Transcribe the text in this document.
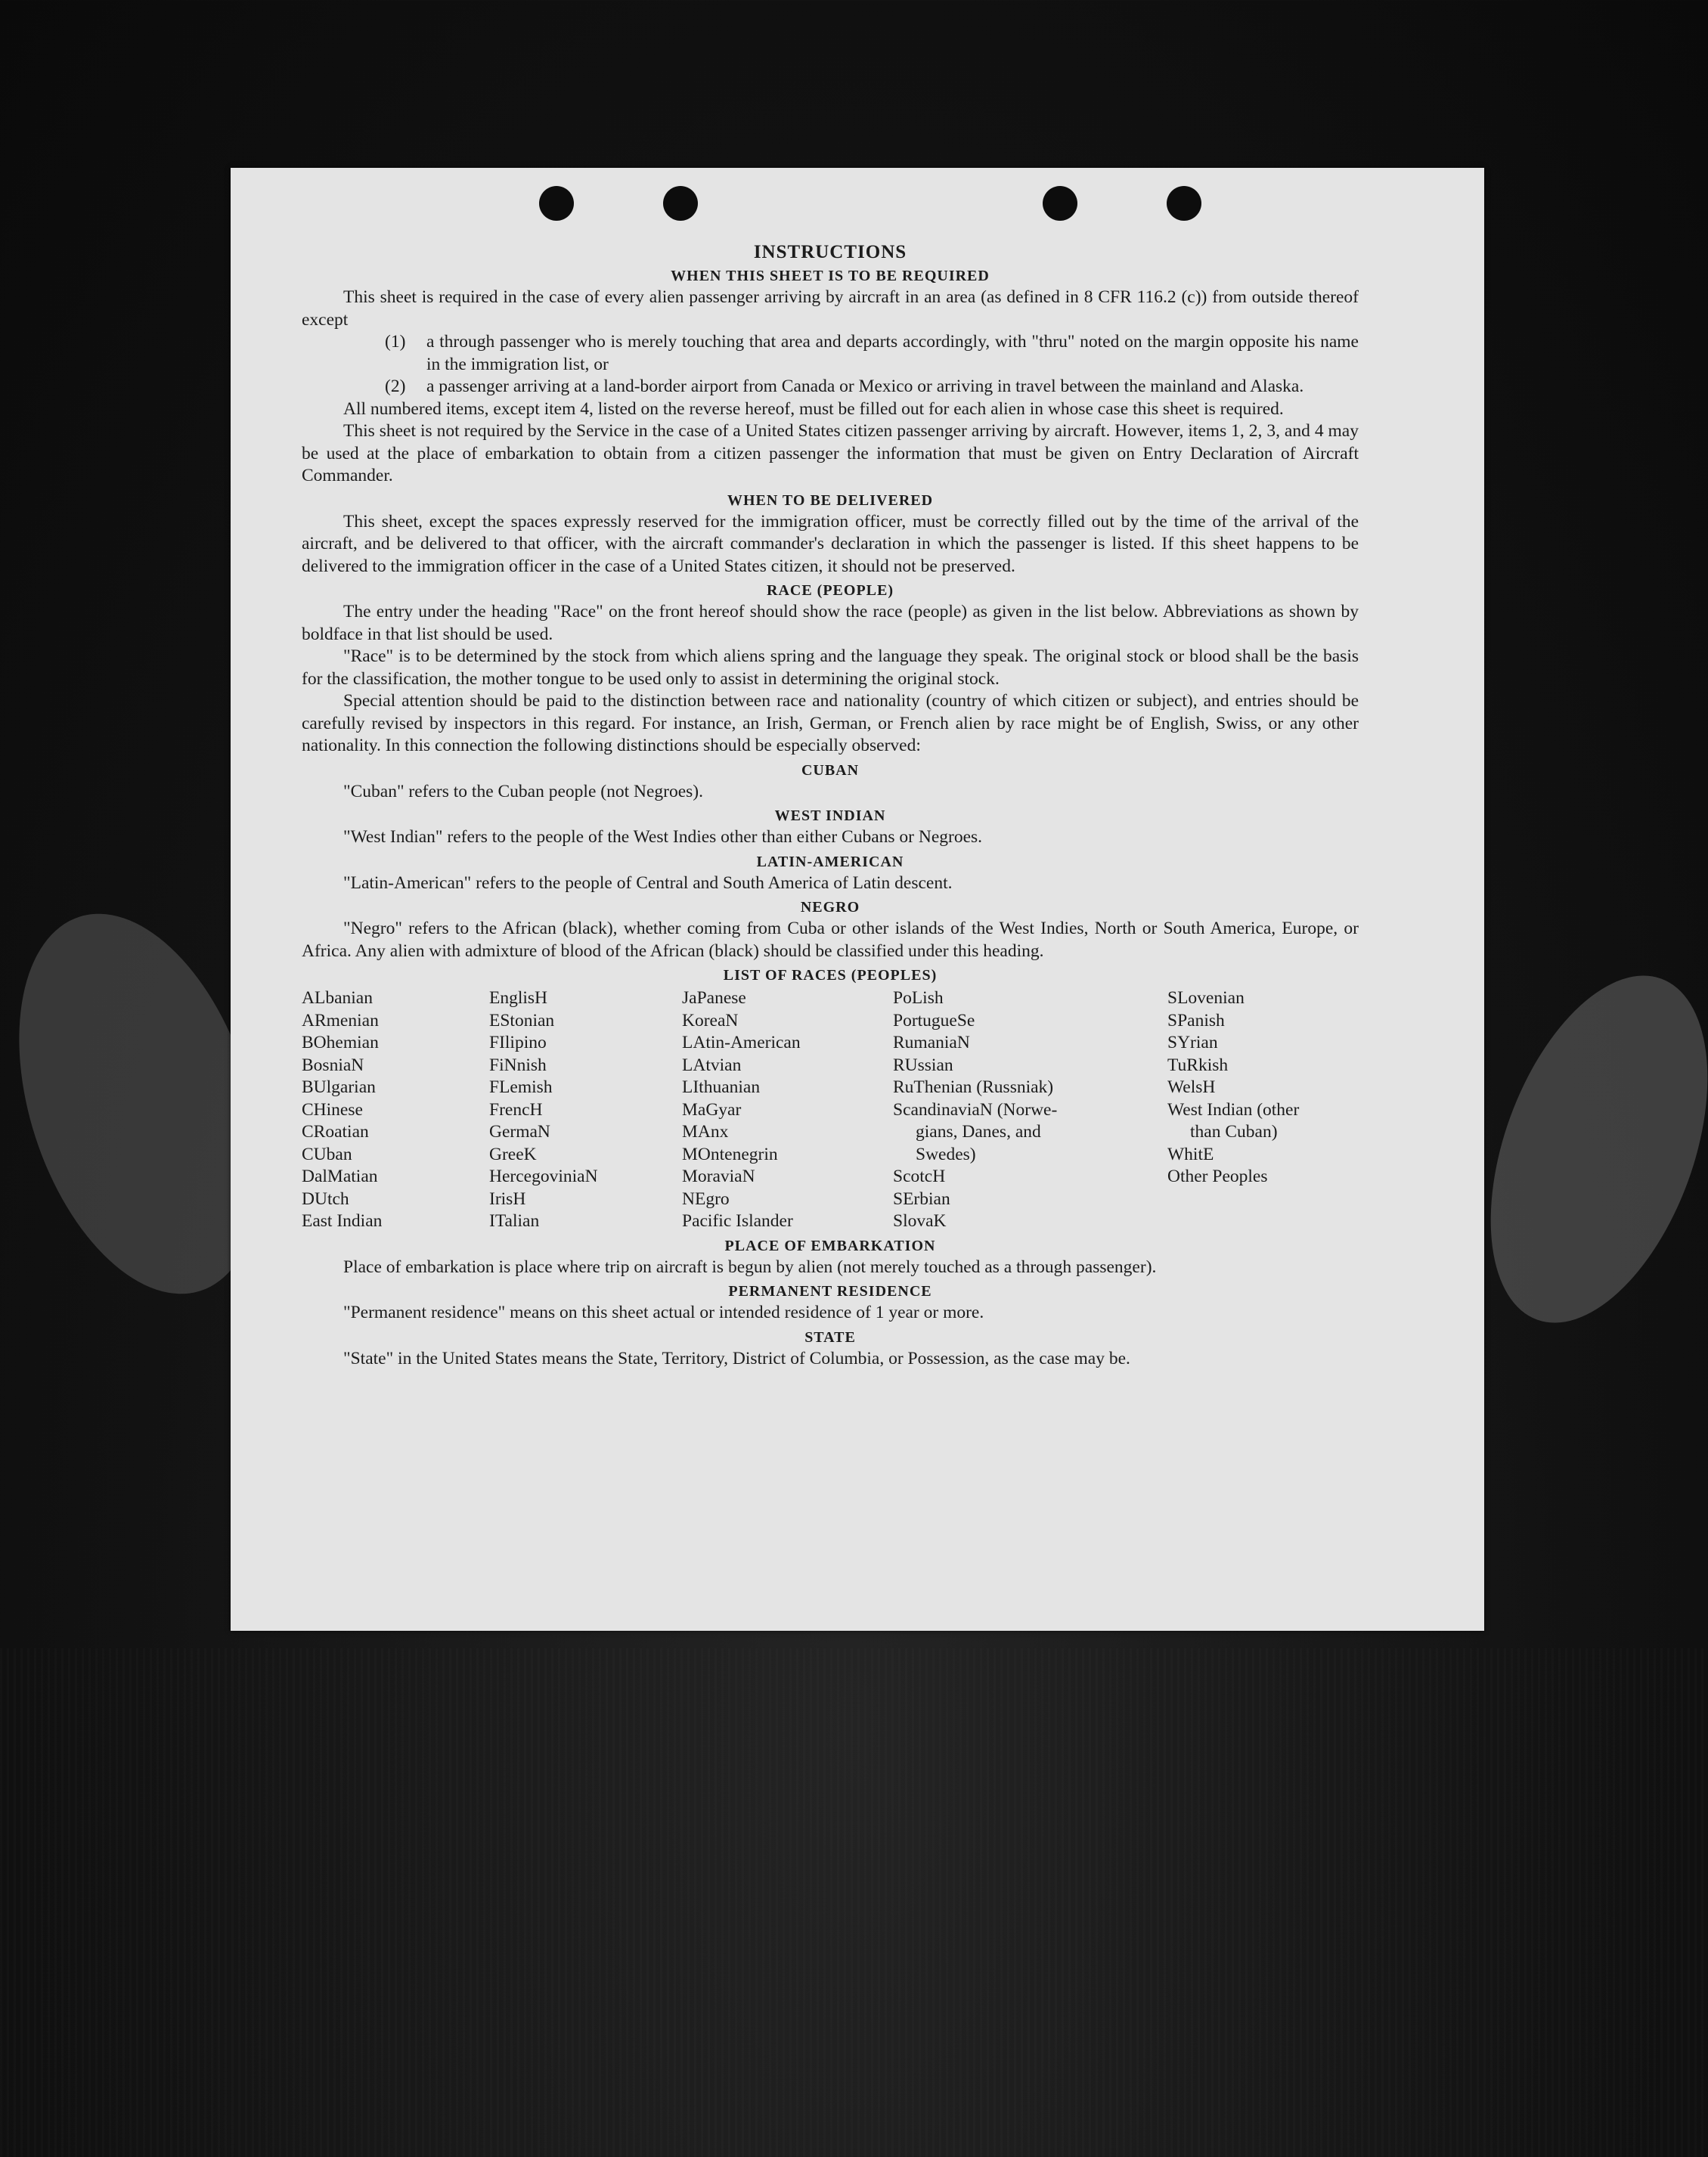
INSTRUCTIONS
WHEN THIS SHEET IS TO BE REQUIRED

This sheet is required in the case of every alien passenger arriving by aircraft in an area (as defined in 8 CFR 116.2 (c)) from outside thereof except

(1)	a through passenger who is merely touching that area and departs accordingly, with "thru" noted on the margin opposite his name in the immigration list, or
(2)	a passenger arriving at a land-border airport from Canada or Mexico or arriving in travel between the mainland and Alaska.

All numbered items, except item 4, listed on the reverse hereof, must be filled out for each alien in whose case this sheet is required.

This sheet is not required by the Service in the case of a United States citizen passenger arriving by aircraft. However, items 1, 2, 3, and 4 may be used at the place of embarkation to obtain from a citizen passenger the information that must be given on Entry Declaration of Aircraft Commander.

WHEN TO BE DELIVERED

This sheet, except the spaces expressly reserved for the immigration officer, must be correctly filled out by the time of the arrival of the aircraft, and be delivered to that officer, with the aircraft commander's declaration in which the passenger is listed. If this sheet happens to be delivered to the immigration officer in the case of a United States citizen, it should not be preserved.

RACE (PEOPLE)

The entry under the heading "Race" on the front hereof should show the race (people) as given in the list below. Abbreviations as shown by boldface in that list should be used.

"Race" is to be determined by the stock from which aliens spring and the language they speak. The original stock or blood shall be the basis for the classification, the mother tongue to be used only to assist in determining the original stock.

Special attention should be paid to the distinction between race and nationality (country of which citizen or subject), and entries should be carefully revised by inspectors in this regard. For instance, an Irish, German, or French alien by race might be of English, Swiss, or any other nationality. In this connection the following distinctions should be especially observed:

CUBAN

"Cuban" refers to the Cuban people (not Negroes).

WEST INDIAN

"West Indian" refers to the people of the West Indies other than either Cubans or Negroes.

LATIN-AMERICAN

"Latin-American" refers to the people of Central and South America of Latin descent.

NEGRO

"Negro" refers to the African (black), whether coming from Cuba or other islands of the West Indies, North or South America, Europe, or Africa. Any alien with admixture of blood of the African (black) should be classified under this heading.

LIST OF RACES (PEOPLES)
ALbanian
ARmenian
BOhemian
BosniaN
BUlgarian
CHinese
CRoatian
CUban
DalMatian
DUtch
East Indian
EnglisH
EStonian
FIlipino
FiNnish
FLemish
FrencH
GermaN
GreeK
HercegoviniaN
IrisH
ITalian
JaPanese
KoreaN
LAtin-American
LAtvian
LIthuanian
MaGyar
MAnx
MOntenegrin
MoraviaN
NEgro
Pacific Islander
PoLish
PortugueSe
RumaniaN
RUssian
RuThenian (Russniak)
ScandinaviaN (Norwe-
gians, Danes, and
Swedes)
ScotcH
SErbian
SlovaK
SLovenian
SPanish
SYrian
TuRkish
WelsH
West Indian (other
than Cuban)
WhitE
Other Peoples
PLACE OF EMBARKATION

Place of embarkation is place where trip on aircraft is begun by alien (not merely touched as a through passenger).

PERMANENT RESIDENCE

"Permanent residence" means on this sheet actual or intended residence of 1 year or more.

STATE

"State" in the United States means the State, Territory, District of Columbia, or Possession, as the case may be.
